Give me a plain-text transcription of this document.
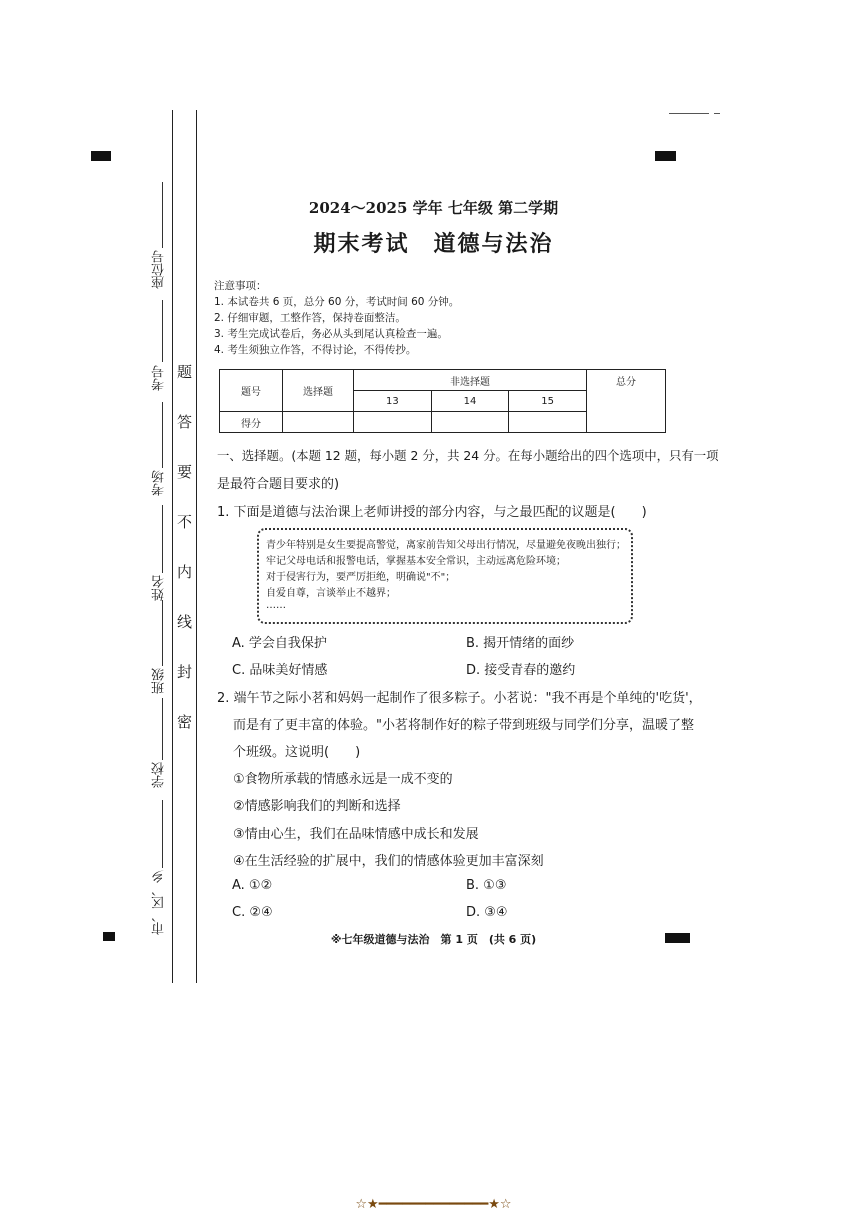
市、区、乡
学校
班级
姓名
考场
考号
座位号
密
封
线
内
不
要
答
题
2024～2025 学年 七年级 第二学期
期末考试　道德与法治
注意事项：
1. 本试卷共 6 页，总分 60 分，考试时间 60 分钟。
2. 仔细审题，工整作答，保持卷面整洁。
3. 考生完成试卷后，务必从头到尾认真检查一遍。
4. 考生须独立作答，不得讨论，不得传抄。
题号	选择题	非选择题			总分
		13	14	15	
得分					
一、选择题。(本题 12 题，每小题 2 分，共 24 分。在每小题给出的四个选项中，只有一项
是最符合题目要求的)
1. 下面是道德与法治课上老师讲授的部分内容，与之最匹配的议题是(　　)
青少年特别是女生要提高警觉，离家前告知父母出行情况，尽量避免夜晚出独行；
牢记父母电话和报警电话，掌握基本安全常识，主动远离危险环境；
对于侵害行为，要严厉拒绝，明确说"不"；
自爱自尊，言谈举止不越界；
……
A. 学会自我保护	B. 揭开情绪的面纱
C. 品味美好情感	D. 接受青春的邀约
2. 端午节之际小茗和妈妈一起制作了很多粽子。小茗说："我不再是个单纯的'吃货'，
而是有了更丰富的体验。"小茗将制作好的粽子带到班级与同学们分享，温暖了整
个班级。这说明(　　)
①食物所承载的情感永远是一成不变的
②情感影响我们的判断和选择
③情由心生，我们在品味情感中成长和发展
④在生活经验的扩展中，我们的情感体验更加丰富深刻
A. ①②	B. ①③
C. ②④	D. ③④
※七年级道德与法治　第 1 页　(共 6 页)
☆★━━━━━━━━━━━━━━★☆
